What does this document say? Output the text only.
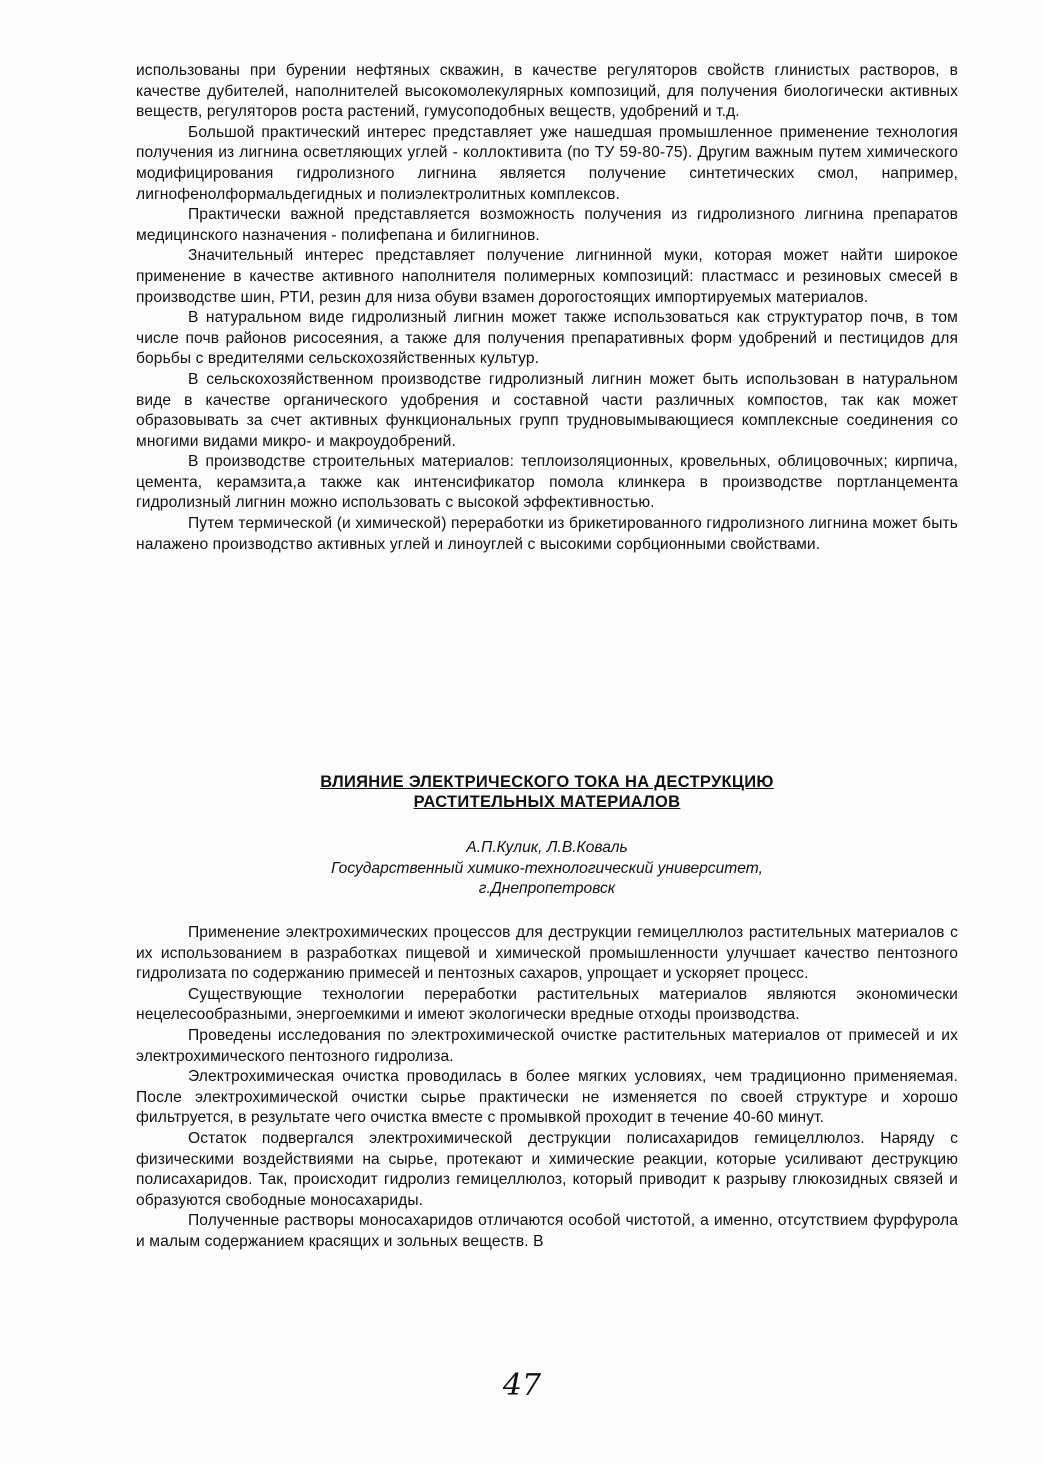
использованы при бурении нефтяных скважин, в качестве регуляторов свойств глинистых растворов, в качестве дубителей, наполнителей высокомолекулярных композиций, для получения биологически активных веществ, регуляторов роста растений, гумусоподобных веществ, удобрений и т.д.

Большой практический интерес представляет уже нашедшая промышленное применение технология получения из лигнина осветляющих углей - коллоктивита (по ТУ 59-80-75). Другим важным путем химического модифицирования гидролизного лигнина является получение синтетических смол, например, лигнофенолформальдегидных и полиэлектролитных комплексов.

Практически важной представляется возможность получения из гидролизного лигнина препаратов медицинского назначения - полифепана и билигнинов.

Значительный интерес представляет получение лигнинной муки, которая может найти широкое применение в качестве активного наполнителя полимерных композиций: пластмасс и резиновых смесей в производстве шин, РТИ, резин для низа обуви взамен дорогостоящих импортируемых материалов.

В натуральном виде гидролизный лигнин может также использоваться как структуратор почв, в том числе почв районов рисосеяния, а также для получения препаративных форм удобрений и пестицидов для борьбы с вредителями сельскохозяйственных культур.

В сельскохозяйственном производстве гидролизный лигнин может быть использован в натуральном виде в качестве органического удобрения и составной части различных компостов, так как может образовывать за счет активных функциональных групп трудновымывающиеся комплексные соединения со многими видами микро- и макроудобрений.

В производстве строительных материалов: теплоизоляционных, кровельных, облицовочных; кирпича, цемента, керамзита,а также как интенсификатор помола клинкера в производстве портланцемента гидролизный лигнин можно использовать с высокой эффективностью.

Путем термической (и химической) переработки из брикетированного гидролизного лигнина может быть налажено производство активных углей и линоуглей с высокими сорбционными свойствами.

ВЛИЯНИЕ ЭЛЕКТРИЧЕСКОГО ТОКА НА ДЕСТРУКЦИЮ
РАСТИТЕЛЬНЫХ МАТЕРИАЛОВ
А.П.Кулик, Л.В.Коваль
Государственный химико-технологический университет,
г.Днепропетровск

Применение электрохимических процессов для деструкции гемицеллюлоз растительных материалов с их использованием в разработках пищевой и химической промышленности улучшает качество пентозного гидролизата по содержанию примесей и пентозных сахаров, упрощает и ускоряет процесс.

Существующие технологии переработки растительных материалов являются экономически нецелесообразными, энергоемкими и имеют экологически вредные отходы производства.

Проведены исследования по электрохимической очистке растительных материалов от примесей и их электрохимического пентозного гидролиза.

Электрохимическая очистка проводилась в более мягких условиях, чем традиционно применяемая. После электрохимической очистки сырье практически не изменяется по своей структуре и хорошо фильтруется, в результате чего очистка вместе с промывкой проходит в течение 40-60 минут.

Остаток подвергался электрохимической деструкции полисахаридов гемицеллюлоз. Наряду с физическими воздействиями на сырье, протекают и химические реакции, которые усиливают деструкцию полисахаридов. Так, происходит гидролиз гемицеллюлоз, который приводит к разрыву глюкозидных связей и образуются свободные моносахариды.

Полученные растворы моносахаридов отличаются особой чистотой, а именно, отсутствием фурфурола и малым содержанием красящих и зольных веществ. В

47
